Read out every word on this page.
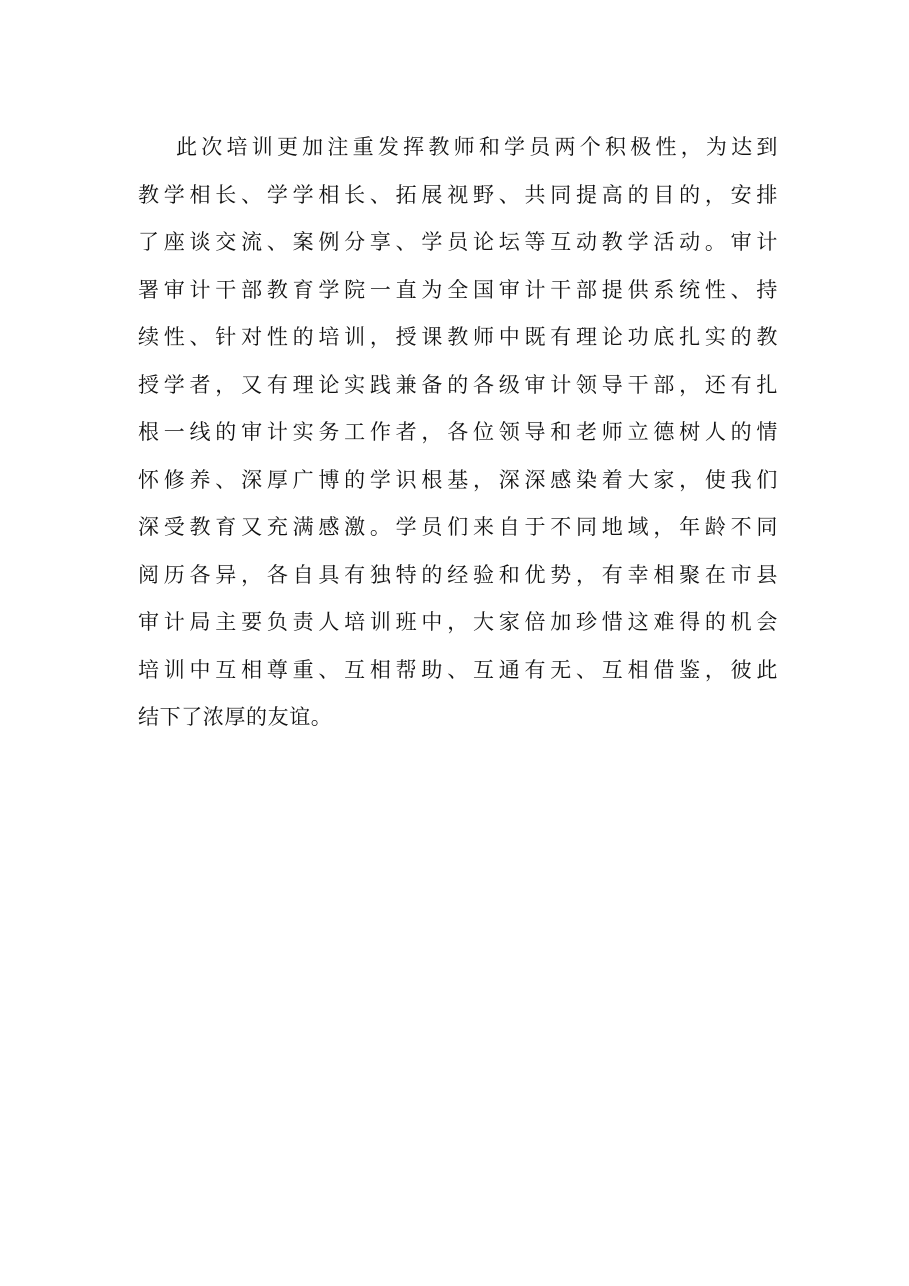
此次培训更加注重发挥教师和学员两个积极性，为达到
教学相长、学学相长、拓展视野、共同提高的目的，安排
了座谈交流、案例分享、学员论坛等互动教学活动。审计
署审计干部教育学院一直为全国审计干部提供系统性、持
续性、针对性的培训，授课教师中既有理论功底扎实的教
授学者，又有理论实践兼备的各级审计领导干部，还有扎
根一线的审计实务工作者，各位领导和老师立德树人的情
怀修养、深厚广博的学识根基，深深感染着大家，使我们
深受教育又充满感激。学员们来自于不同地域，年龄不同
阅历各异，各自具有独特的经验和优势，有幸相聚在市县
审计局主要负责人培训班中，大家倍加珍惜这难得的机会
培训中互相尊重、互相帮助、互通有无、互相借鉴，彼此
结下了浓厚的友谊。
